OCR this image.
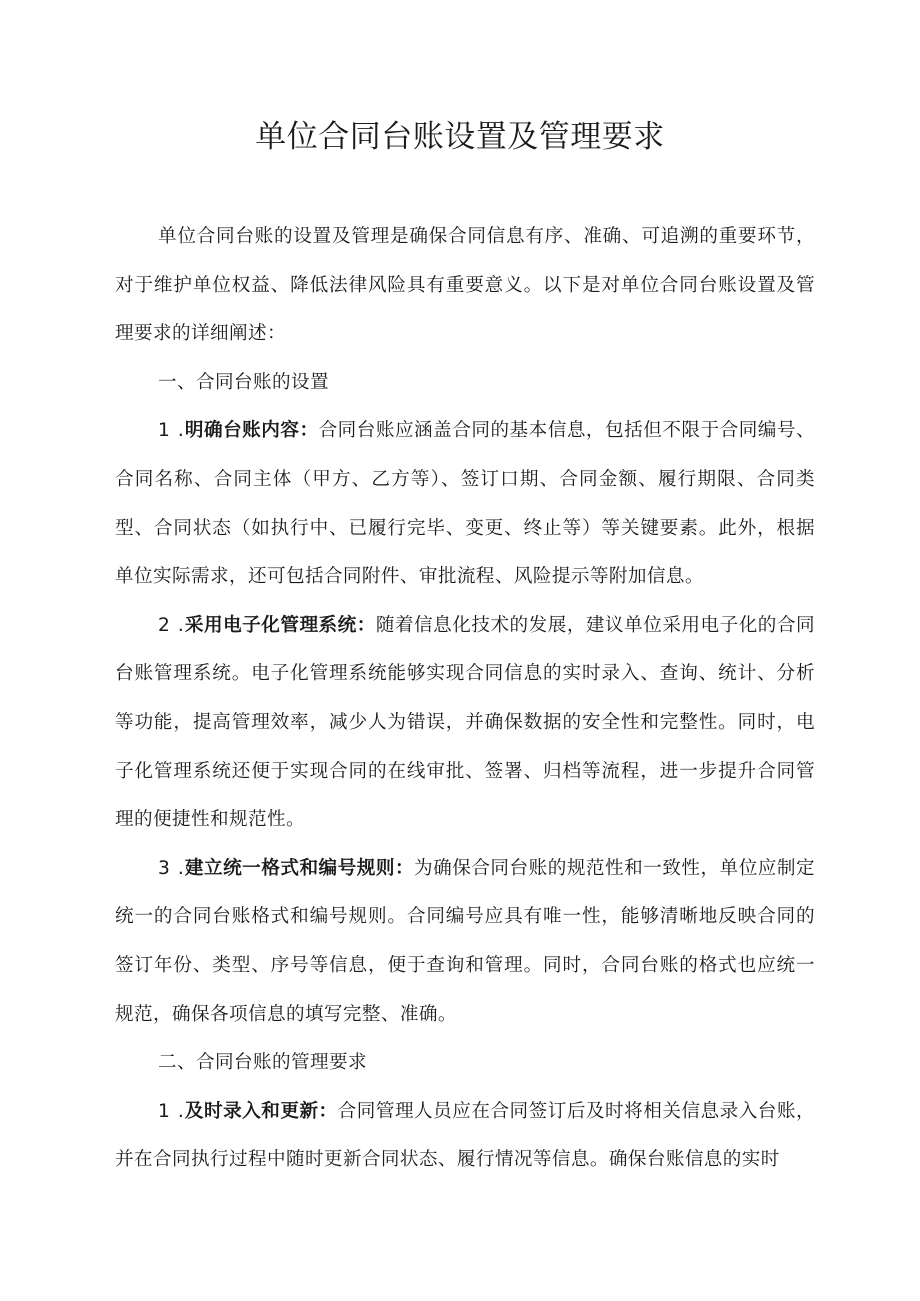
单位合同台账设置及管理要求

单位合同台账的设置及管理是确保合同信息有序、准确、可追溯的重要环节，对于维护单位权益、降低法律风险具有重要意义。以下是对单位合同台账设置及管理要求的详细阐述：

一、合同台账的设置

1 .明确台账内容：合同台账应涵盖合同的基本信息，包括但不限于合同编号、合同名称、合同主体（甲方、乙方等）、签订口期、合同金额、履行期限、合同类型、合同状态（如执行中、已履行完毕、变更、终止等）等关键要素。此外，根据单位实际需求，还可包括合同附件、审批流程、风险提示等附加信息。

2 .采用电子化管理系统：随着信息化技术的发展，建议单位采用电子化的合同台账管理系统。电子化管理系统能够实现合同信息的实时录入、查询、统计、分析等功能，提高管理效率，减少人为错误，并确保数据的安全性和完整性。同时，电子化管理系统还便于实现合同的在线审批、签署、归档等流程，进一步提升合同管理的便捷性和规范性。

3 .建立统一格式和编号规则：为确保合同台账的规范性和一致性，单位应制定统一的合同台账格式和编号规则。合同编号应具有唯一性，能够清晰地反映合同的签订年份、类型、序号等信息，便于查询和管理。同时，合同台账的格式也应统一规范，确保各项信息的填写完整、准确。

二、合同台账的管理要求

1 .及时录入和更新：合同管理人员应在合同签订后及时将相关信息录入台账，并在合同执行过程中随时更新合同状态、履行情况等信息。确保台账信息的实时
